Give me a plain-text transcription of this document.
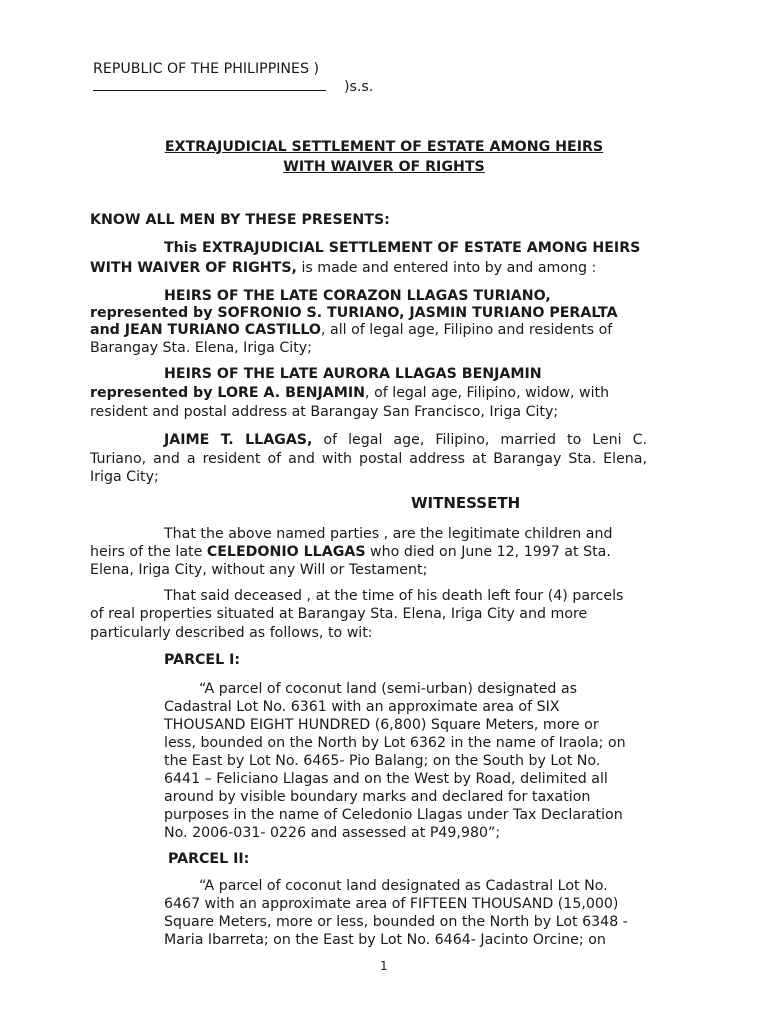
REPUBLIC OF THE PHILIPPINES )
)s.s.
EXTRAJUDICIAL SETTLEMENT OF ESTATE AMONG HEIRS
WITH WAIVER OF RIGHTS
KNOW ALL MEN BY THESE PRESENTS:
This EXTRAJUDICIAL SETTLEMENT OF ESTATE AMONG HEIRS
WITH WAIVER OF RIGHTS, is made and entered into by and among :
HEIRS OF THE LATE CORAZON LLAGAS TURIANO,
represented by SOFRONIO S. TURIANO, JASMIN TURIANO PERALTA
and JEAN TURIANO CASTILLO, all of legal age, Filipino and residents of
Barangay Sta. Elena, Iriga City;
HEIRS OF THE LATE AURORA LLAGAS BENJAMIN
represented by LORE A. BENJAMIN, of legal age, Filipino, widow, with
resident and postal address at Barangay San Francisco, Iriga City;
JAIME T. LLAGAS, of legal age, Filipino, married to Leni C.
Turiano, and a resident of and with postal address at Barangay Sta. Elena,
Iriga City;
WITNESSETH
That the above named parties , are the legitimate children and
heirs of the late CELEDONIO LLAGAS who died on June 12, 1997 at Sta.
Elena, Iriga City, without any Will or Testament;
That said deceased , at the time of his death left four (4) parcels
of real properties situated at Barangay Sta. Elena, Iriga City and more
particularly described as follows, to wit:
PARCEL I:
“A parcel of coconut land (semi-urban) designated as
Cadastral Lot No. 6361 with an approximate area of SIX
THOUSAND EIGHT HUNDRED (6,800) Square Meters, more or
less, bounded on the North by Lot 6362 in the name of Iraola; on
the East by Lot No. 6465- Pio Balang; on the South by Lot No.
6441 – Feliciano Llagas and on the West by Road, delimited all
around by visible boundary marks and declared for taxation
purposes in the name of Celedonio Llagas under Tax Declaration
No. 2006-031- 0226 and assessed at P49,980”;
PARCEL II:
“A parcel of coconut land designated as Cadastral Lot No.
6467 with an approximate area of FIFTEEN THOUSAND (15,000)
Square Meters, more or less, bounded on the North by Lot 6348 -
Maria Ibarreta; on the East by Lot No. 6464- Jacinto Orcine; on
1
